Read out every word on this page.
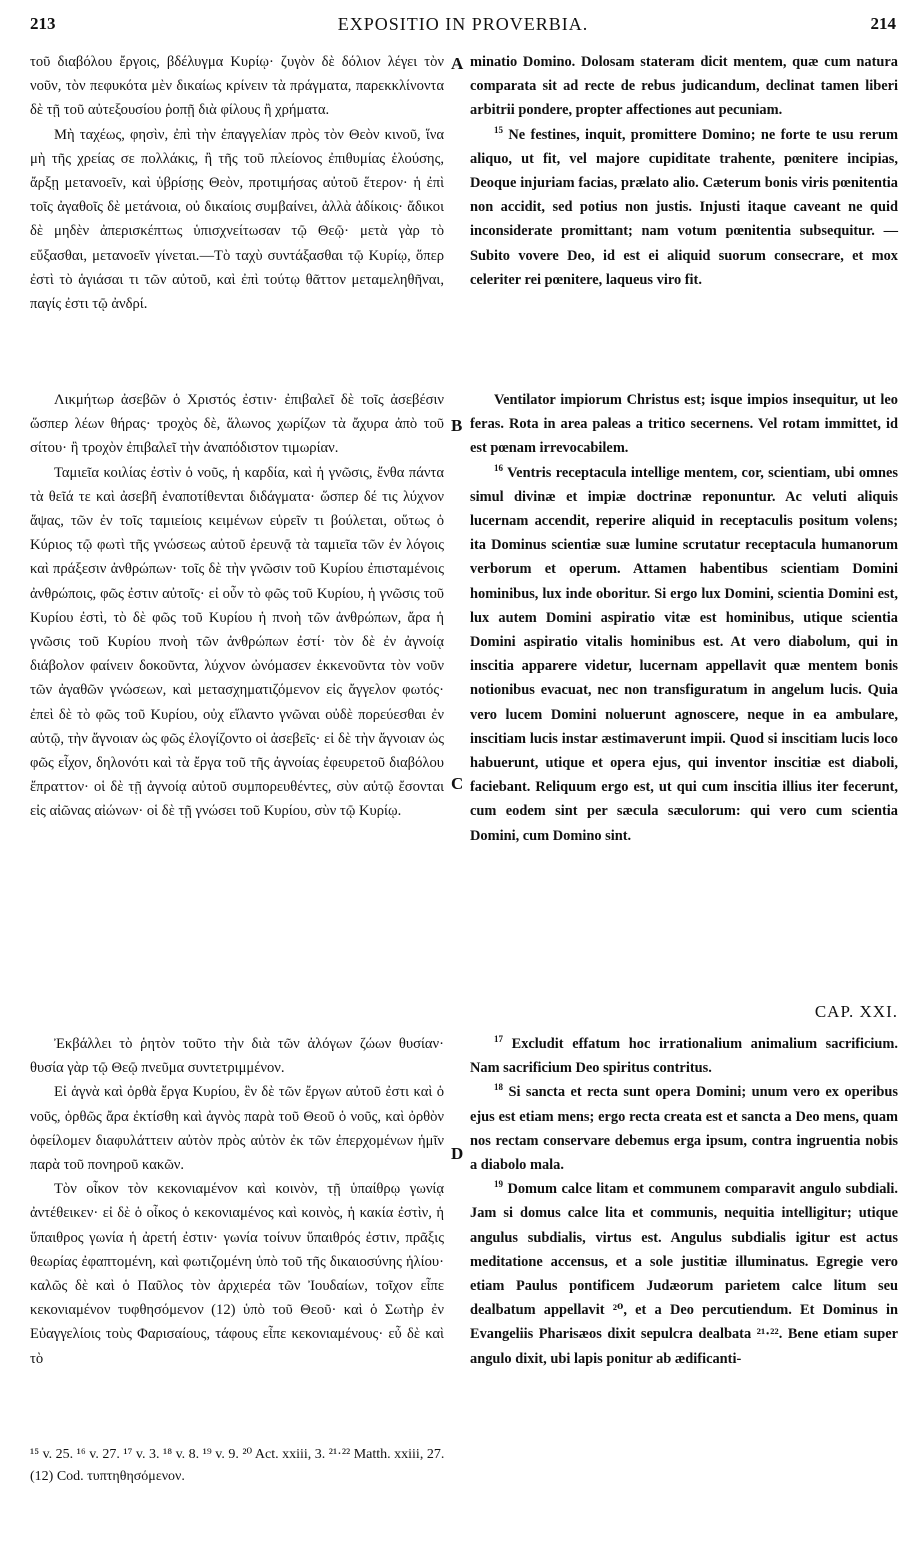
213	EXPOSITIO IN PROVERBIA.	214

τοῦ διαβόλου ἔργοις, βδέλυγμα Κυρίῳ· ζυγὸν δὲ δόλιον λέγει τὸν νοῦν, τὸν πεφυκότα μὲν δικαίως κρίνειν τὰ πράγματα, παρεκκλίνοντα δὲ τῇ τοῦ αὐτεξουσίου ῥοπῇ διὰ φίλους ἢ χρήματα.

Μὴ ταχέως, φησὶν, ἐπὶ τὴν ἐπαγγελίαν πρὸς τὸν Θεὸν κινοῦ, ἵνα μὴ τῆς χρείας σε πολλάκις, ἢ τῆς τοῦ πλείονος ἐπιθυμίας ἑλούσης, ἄρξῃ μετανοεῖν, καὶ ὑβρίσῃς Θεὸν, προτιμήσας αὐτοῦ ἕτερον· ἡ ἐπὶ τοῖς ἀγαθοῖς δὲ μετάνοια, οὐ δικαίοις συμβαίνει, ἀλλὰ ἀδίκοις· ἄδικοι δὲ μηδὲν ἀπερισκέπτως ὑπισχνείτωσαν τῷ Θεῷ· μετὰ γὰρ τὸ εὔξασθαι, μετανοεῖν γίνεται.—Τὸ ταχὺ συντάξασθαι τῷ Κυρίῳ, ὅπερ ἐστὶ τὸ ἁγιάσαι τι τῶν αὐτοῦ, καὶ ἐπὶ τούτῳ θᾶττον μεταμεληθῆναι, παγίς ἐστι τῷ ἀνδρί.

Λικμήτωρ ἀσεβῶν ὁ Χριστός ἐστιν· ἐπιβαλεῖ δὲ τοῖς ἀσεβέσιν ὥσπερ λέων θήρας· τροχὸς δὲ, ἅλωνος χωρίζων τὰ ἄχυρα ἀπὸ τοῦ σίτου· ἢ τροχὸν ἐπιβαλεῖ τὴν ἀναπόδιστον τιμωρίαν.

Ταμιεῖα κοιλίας ἐστὶν ὁ νοῦς, ἡ καρδία, καὶ ἡ γνῶσις, ἔνθα πάντα τὰ θεῖά τε καὶ ἀσεβῆ ἐναποτίθενται διδάγματα· ὥσπερ δέ τις λύχνον ἅψας, τῶν ἐν τοῖς ταμιείοις κειμένων εὑρεῖν τι βούλεται, οὕτως ὁ Κύριος τῷ φωτὶ τῆς γνώσεως αὐτοῦ ἐρευνᾷ τὰ ταμιεῖα τῶν ἐν λόγοις καὶ πράξεσιν ἀνθρώπων· τοῖς δὲ τὴν γνῶσιν τοῦ Κυρίου ἐπισταμένοις ἀνθρώποις, φῶς ἐστιν αὐτοῖς· εἰ οὖν τὸ φῶς τοῦ Κυρίου, ἡ γνῶσις τοῦ Κυρίου ἐστὶ, τὸ δὲ φῶς τοῦ Κυρίου ἡ πνοὴ τῶν ἀνθρώπων, ἄρα ἡ γνῶσις τοῦ Κυρίου πνοὴ τῶν ἀνθρώπων ἐστί· τὸν δὲ ἐν ἀγνοίᾳ διάβολον φαίνειν δοκοῦντα, λύχνον ὠνόμασεν ἐκκενοῦντα τὸν νοῦν τῶν ἀγαθῶν γνώσεων, καὶ μετασχηματιζόμενον εἰς ἄγγελον φωτός· ἐπεὶ δὲ τὸ φῶς τοῦ Κυρίου, οὐχ εἵλαντο γνῶναι οὐδὲ πορεύεσθαι ἐν αὐτῷ, τὴν ἄγνοιαν ὡς φῶς ἐλογίζοντο οἱ ἀσεβεῖς· εἰ δὲ τὴν ἄγνοιαν ὡς φῶς εἶχον, δηλονότι καὶ τὰ ἔργα τοῦ τῆς ἀγνοίας ἐφευρετοῦ διαβόλου ἔπραττον· οἱ δὲ τῇ ἀγνοίᾳ αὐτοῦ συμπορευθέντες, σὺν αὐτῷ ἔσονται εἰς αἰῶνας αἰώνων· οἱ δὲ τῇ γνώσει τοῦ Κυρίου, σὺν τῷ Κυρίῳ.

Ἐκβάλλει τὸ ῥητὸν τοῦτο τὴν διὰ τῶν ἀλόγων ζώων θυσίαν· θυσία γὰρ τῷ Θεῷ πνεῦμα συντετριμμένον.

Εἰ ἁγνὰ καὶ ὀρθὰ ἔργα Κυρίου, ἓν δὲ τῶν ἔργων αὐτοῦ ἐστι καὶ ὁ νοῦς, ὀρθῶς ἄρα ἐκτίσθη καὶ ἁγνὸς παρὰ τοῦ Θεοῦ ὁ νοῦς, καὶ ὀρθὸν ὀφείλομεν διαφυλάττειν αὐτὸν πρὸς αὐτὸν ἐκ τῶν ἐπερχομένων ἡμῖν παρὰ τοῦ πονηροῦ κακῶν.

Τὸν οἶκον τὸν κεκονιαμένον καὶ κοινὸν, τῇ ὑπαίθρῳ γωνίᾳ ἀντέθεικεν· εἰ δὲ ὁ οἶκος ὁ κεκονιαμένος καὶ κοινὸς, ἡ κακία ἐστὶν, ἡ ὕπαιθρος γωνία ἡ ἀρετή ἐστιν· γωνία τοίνυν ὕπαιθρός ἐστιν, πρᾶξις θεωρίας ἐφαπτομένη, καὶ φωτιζομένη ὑπὸ τοῦ τῆς δικαιοσύνης ἡλίου· καλῶς δὲ καὶ ὁ Παῦλος τὸν ἀρχιερέα τῶν Ἰουδαίων, τοῖχον εἶπε κεκονιαμένον τυφθησόμενον (12) ὑπὸ τοῦ Θεοῦ· καὶ ὁ Σωτὴρ ἐν Εὐαγγελίοις τοὺς Φαρισαίους, τάφους εἶπε κεκονιαμένους· εὖ δὲ καὶ τὸ

A
B
C
D

minatio Domino. Dolosam stateram dicit mentem, quæ cum natura comparata sit ad recte de rebus judicandum, declinat tamen liberi arbitrii pondere, propter affectiones aut pecuniam.

$^{15}$ Ne festines, inquit, promittere Domino; ne forte te usu rerum aliquo, ut fit, vel majore cupiditate trahente, pœnitere incipias, Deoque injuriam facias, prælato alio. Cæterum bonis viris pœnitentia non accidit, sed potius non justis. Injusti itaque caveant ne quid inconsiderate promittant; nam votum pœnitentia subsequitur. — Subito vovere Deo, id est ei aliquid suorum consecrare, et mox celeriter rei pœnitere, laqueus viro fit.

Ventilator impiorum Christus est; isque impios insequitur, ut leo feras. Rota in area paleas a tritico secernens. Vel rotam immittet, id est pœnam irrevocabilem.

$^{16}$ Ventris receptacula intellige mentem, cor, scientiam, ubi omnes simul divinæ et impiæ doctrinæ reponuntur. Ac veluti aliquis lucernam accendit, reperire aliquid in receptaculis positum volens; ita Dominus scientiæ suæ lumine scrutatur receptacula humanorum verborum et operum. Attamen habentibus scientiam Domini hominibus, lux inde oboritur. Si ergo lux Domini, scientia Domini est, lux autem Domini aspiratio vitæ est hominibus, utique scientia Domini aspiratio vitalis hominibus est. At vero diabolum, qui in inscitia apparere videtur, lucernam appellavit quæ mentem bonis notionibus evacuat, nec non transfiguratum in angelum lucis. Quia vero lucem Domini noluerunt agnoscere, neque in ea ambulare, inscitiam lucis instar æstimaverunt impii. Quod si inscitiam lucis loco habuerunt, utique et opera ejus, qui inventor inscitiæ est diaboli, faciebant. Reliquum ergo est, ut qui cum inscitia illius iter fecerunt, cum eodem sint per sæcula sæculorum: qui vero cum scientia Domini, cum Domino sint.

CAP. XXI.

$^{17}$ Excludit effatum hoc irrationalium animalium sacrificium. Nam sacrificium Deo spiritus contritus.

$^{18}$ Si sancta et recta sunt opera Domini; unum vero ex operibus ejus est etiam mens; ergo recta creata est et sancta a Deo mens, quam nos rectam conservare debemus erga ipsum, contra ingruentia nobis a diabolo mala.

$^{19}$ Domum calce litam et communem comparavit angulo subdiali. Jam si domus calce lita et communis, nequitia intelligitur; utique angulus subdialis, virtus est. Angulus subdialis igitur est actus meditatione accensus, et a sole justitiæ illuminatus. Egregie vero etiam Paulus pontificem Judæorum parietem calce litum seu dealbatum appellavit ²⁰, et a Deo percutiendum. Et Dominus in Evangeliis Pharisæos dixit sepulcra dealbata ²¹·²². Bene etiam super angulo dixit, ubi lapis ponitur ab ædificanti-

¹⁵ v. 25. ¹⁶ v. 27. ¹⁷ v. 3. ¹⁸ v. 8. ¹⁹ v. 9. ²⁰ Act. xxiii, 3. ²¹·²² Matth. xxiii, 27.
(12) Cod. τυπτηθησόμενον.
